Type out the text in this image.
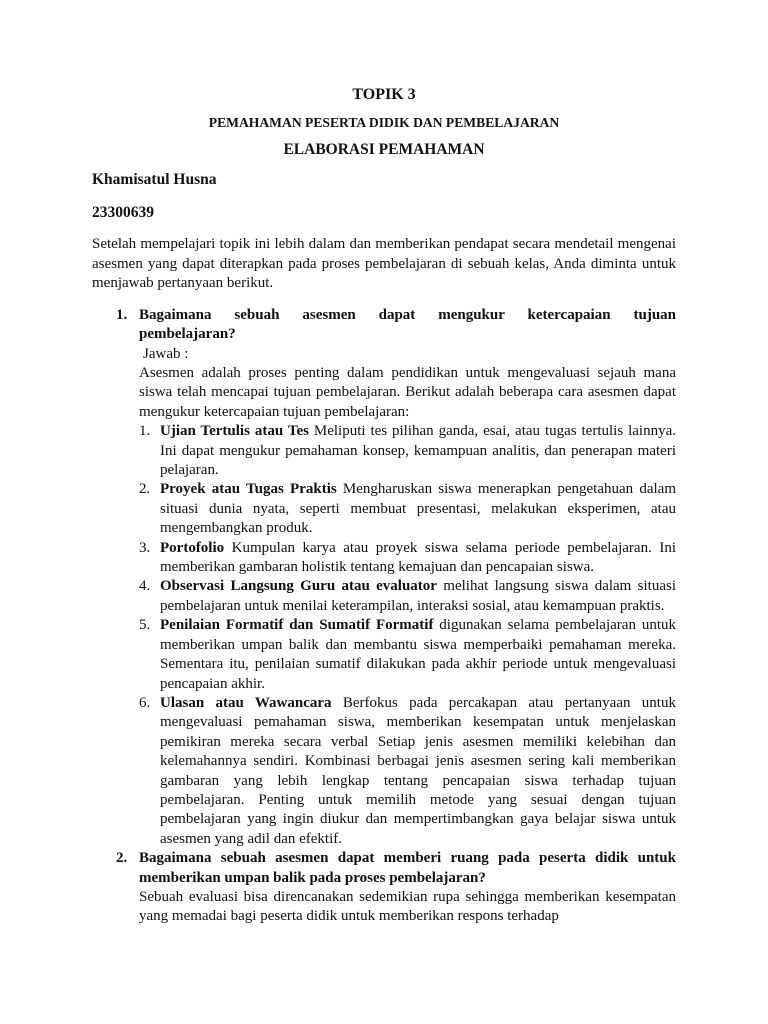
TOPIK 3
PEMAHAMAN PESERTA DIDIK DAN PEMBELAJARAN
ELABORASI PEMAHAMAN
Khamisatul Husna
23300639
Setelah mempelajari topik ini lebih dalam dan memberikan pendapat secara mendetail mengenai asesmen yang dapat diterapkan pada proses pembelajaran di sebuah kelas, Anda diminta untuk menjawab pertanyaan berikut.
1. Bagaimana sebuah asesmen dapat mengukur ketercapaian tujuan
pembelajaran?
Jawab :
Asesmen adalah proses penting dalam pendidikan untuk mengevaluasi sejauh mana siswa telah mencapai tujuan pembelajaran. Berikut adalah beberapa cara asesmen dapat mengukur ketercapaian tujuan pembelajaran:
1. Ujian Tertulis atau Tes Meliputi tes pilihan ganda, esai, atau tugas tertulis lainnya. Ini dapat mengukur pemahaman konsep, kemampuan analitis, dan penerapan materi pelajaran.
2. Proyek atau Tugas Praktis Mengharuskan siswa menerapkan pengetahuan dalam situasi dunia nyata, seperti membuat presentasi, melakukan eksperimen, atau mengembangkan produk.
3. Portofolio Kumpulan karya atau proyek siswa selama periode pembelajaran. Ini memberikan gambaran holistik tentang kemajuan dan pencapaian siswa.
4. Observasi Langsung Guru atau evaluator melihat langsung siswa dalam situasi pembelajaran untuk menilai keterampilan, interaksi sosial, atau kemampuan praktis.
5. Penilaian Formatif dan Sumatif Formatif digunakan selama pembelajaran untuk memberikan umpan balik dan membantu siswa memperbaiki pemahaman mereka. Sementara itu, penilaian sumatif dilakukan pada akhir periode untuk mengevaluasi pencapaian akhir.
6. Ulasan atau Wawancara Berfokus pada percakapan atau pertanyaan untuk mengevaluasi pemahaman siswa, memberikan kesempatan untuk menjelaskan pemikiran mereka secara verbal Setiap jenis asesmen memiliki kelebihan dan kelemahannya sendiri. Kombinasi berbagai jenis asesmen sering kali memberikan gambaran yang lebih lengkap tentang pencapaian siswa terhadap tujuan pembelajaran. Penting untuk memilih metode yang sesuai dengan tujuan pembelajaran yang ingin diukur dan mempertimbangkan gaya belajar siswa untuk asesmen yang adil dan efektif.
2. Bagaimana sebuah asesmen dapat memberi ruang pada peserta didik untuk memberikan umpan balik pada proses pembelajaran?
Sebuah evaluasi bisa direncanakan sedemikian rupa sehingga memberikan kesempatan yang memadai bagi peserta didik untuk memberikan respons terhadap
